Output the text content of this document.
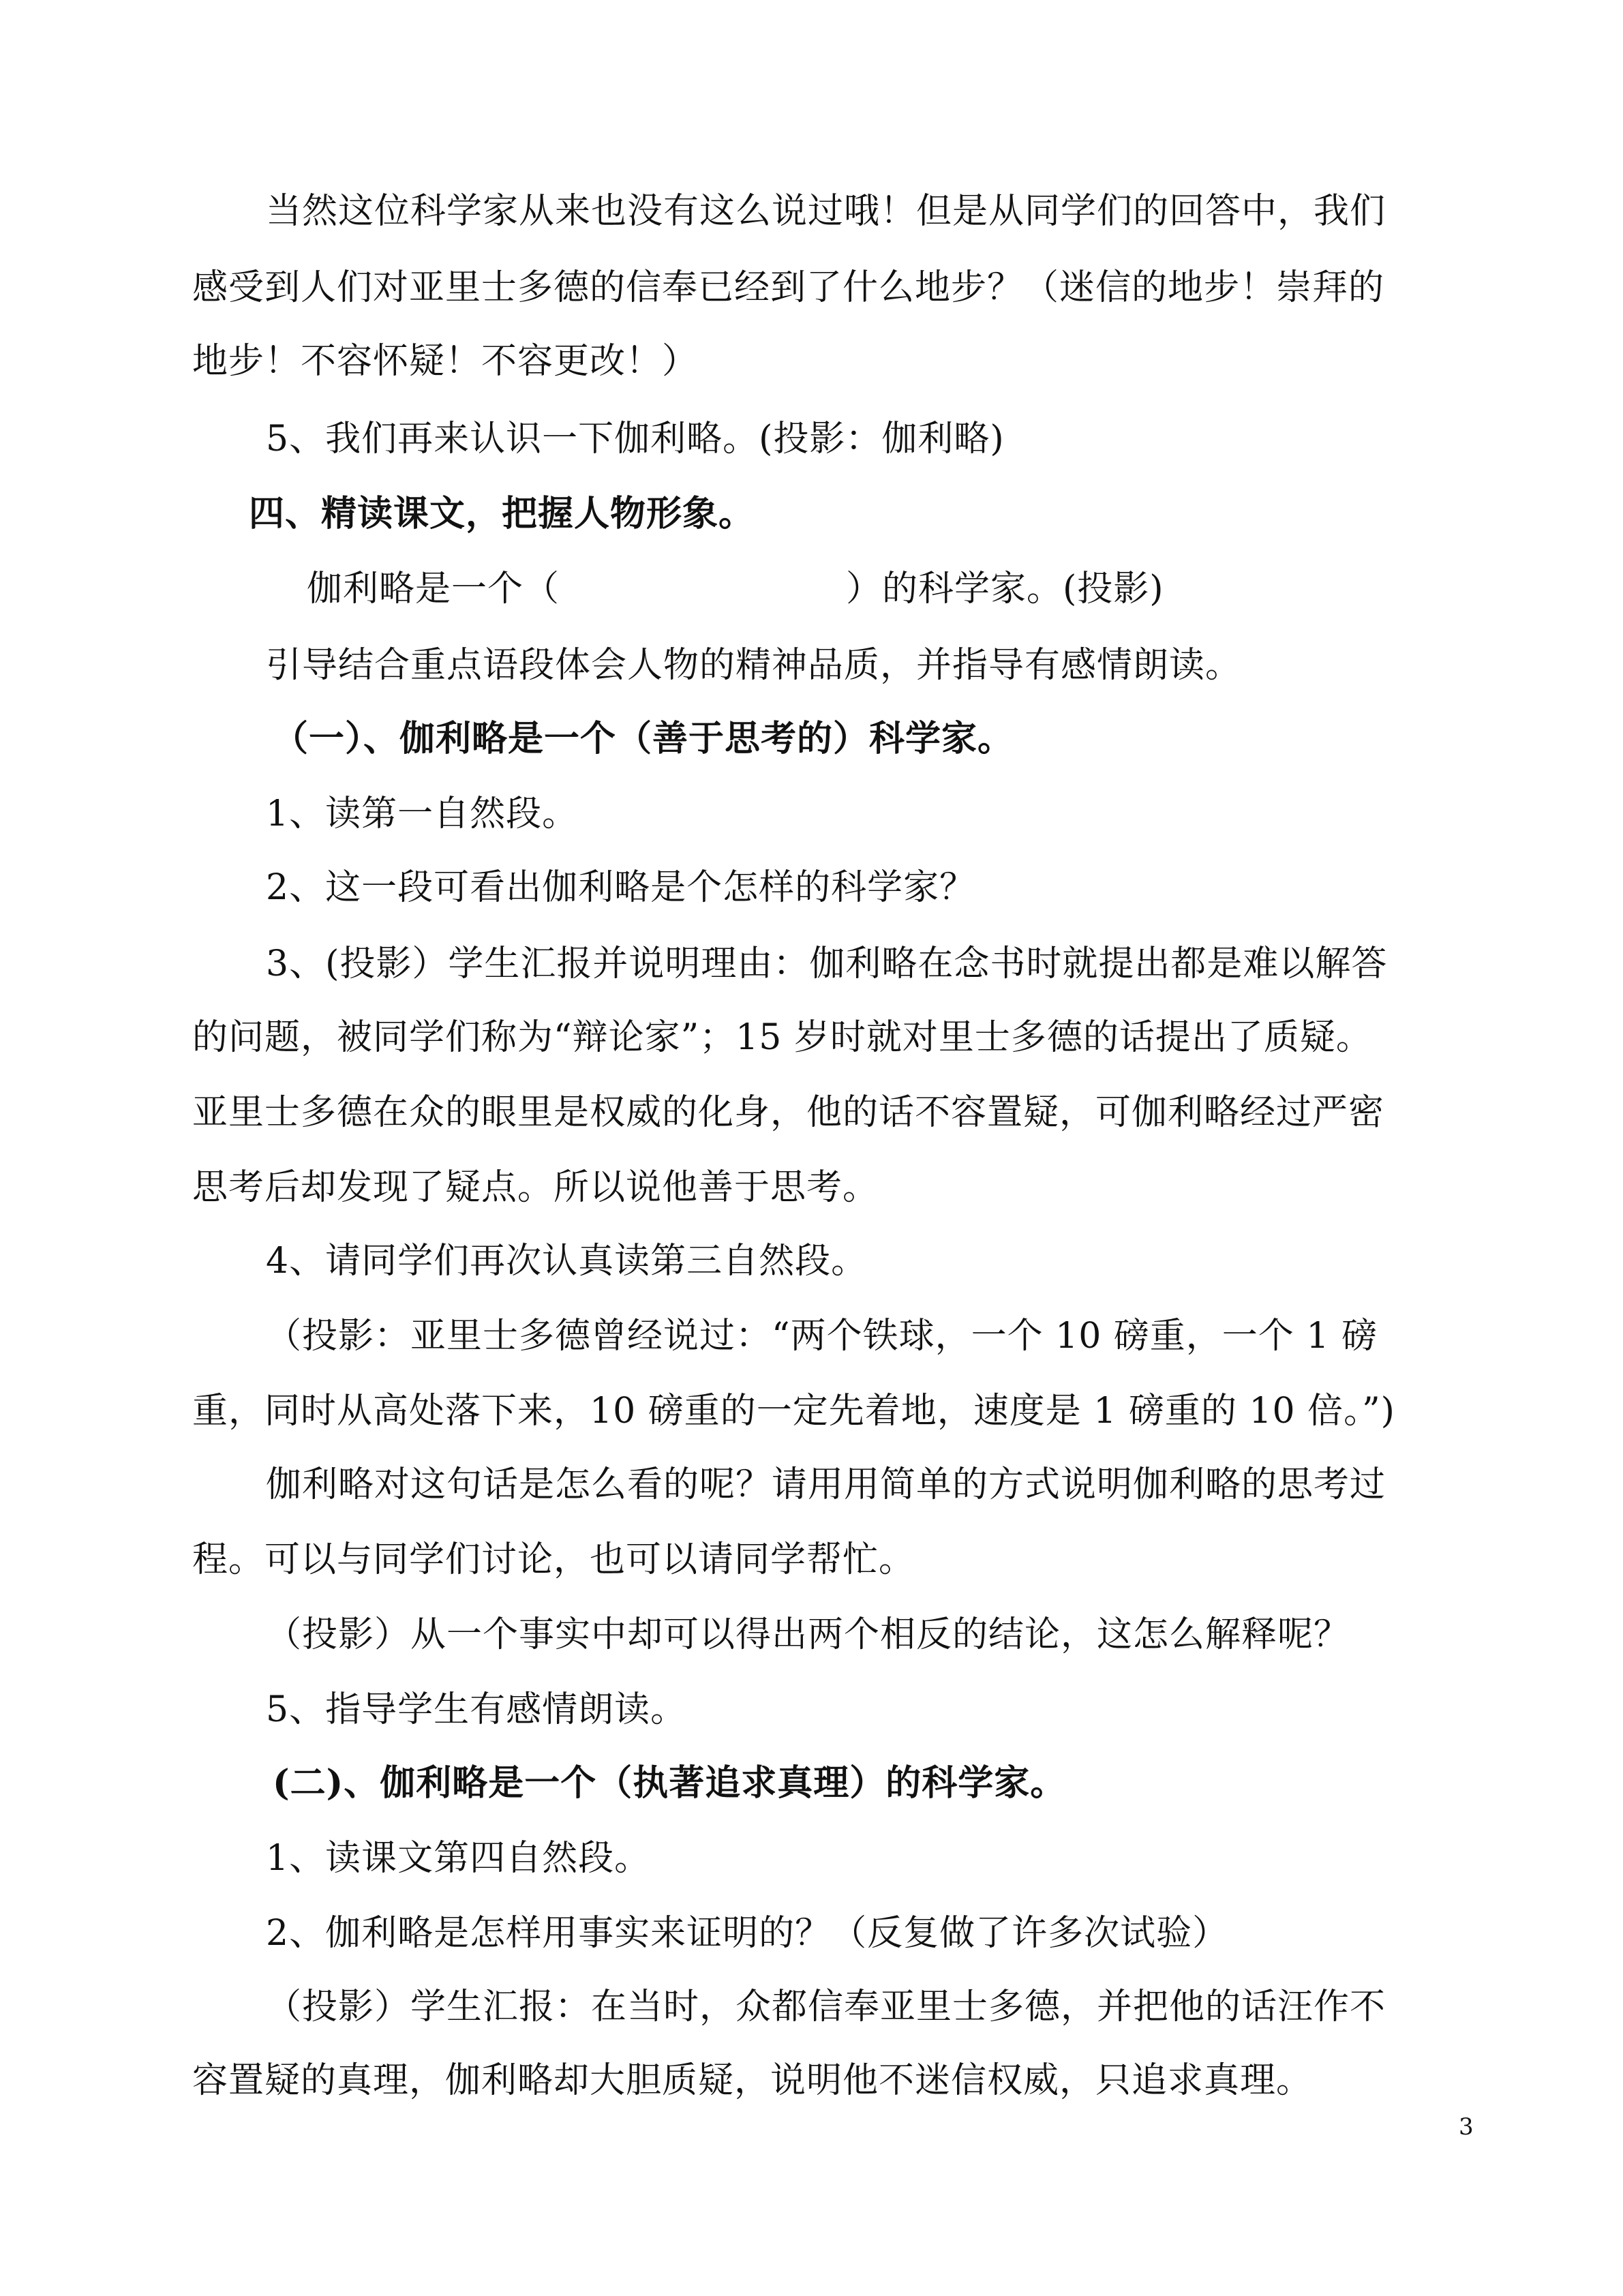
当然这位科学家从来也没有这么说过哦！但是从同学们的回答中，我们
感受到人们对亚里士多德的信奉已经到了什么地步？（迷信的地步！崇拜的
地步！不容怀疑！不容更改！）
5、我们再来认识一下伽利略。(投影：伽利略)
四、精读课文，把握人物形象。
伽利略是一个（	）的科学家。(投影)
引导结合重点语段体会人物的精神品质，并指导有感情朗读。
（一）、伽利略是一个（善于思考的）科学家。
1、读第一自然段。
2、这一段可看出伽利略是个怎样的科学家？
3、(投影）学生汇报并说明理由：伽利略在念书时就提出都是难以解答
的问题，被同学们称为“辩论家”；15 岁时就对里士多德的话提出了质疑。
亚里士多德在众的眼里是权威的化身，他的话不容置疑，可伽利略经过严密
思考后却发现了疑点。所以说他善于思考。
4、请同学们再次认真读第三自然段。
（投影：亚里士多德曾经说过：“两个铁球，一个 10 磅重，一个 1 磅
重，同时从高处落下来，10 磅重的一定先着地，速度是 1 磅重的 10 倍。”)
伽利略对这句话是怎么看的呢？请用用简单的方式说明伽利略的思考过
程。可以与同学们讨论，也可以请同学帮忙。
（投影）从一个事实中却可以得出两个相反的结论，这怎么解释呢？
5、指导学生有感情朗读。
(二)、伽利略是一个（执著追求真理）的科学家。
1、读课文第四自然段。
2、伽利略是怎样用事实来证明的？（反复做了许多次试验）
（投影）学生汇报：在当时，众都信奉亚里士多德，并把他的话汪作不
容置疑的真理，伽利略却大胆质疑，说明他不迷信权威，只追求真理。
3
